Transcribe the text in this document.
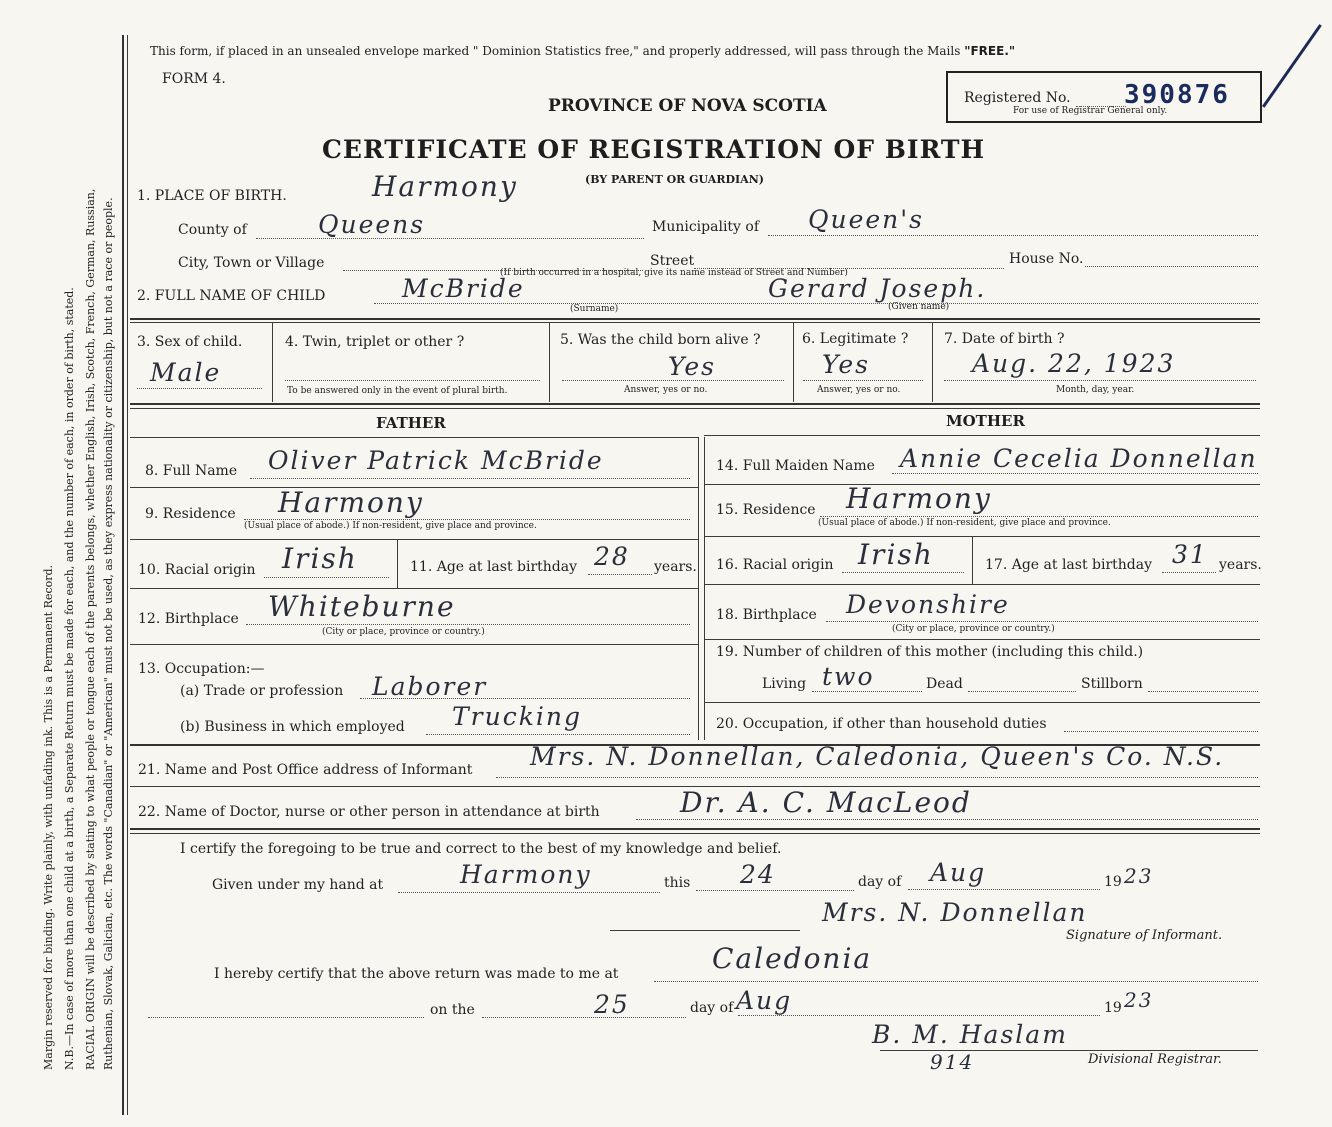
Margin reserved for binding. Write plainly, with unfading ink. This is a Permanent Record. N.B.—In case of more than one child at a birth, a Separate Return must be made for each, and the number of each, in order of birth, stated. RACIAL ORIGIN will be described by stating to what people or tongue each of the parents belongs, whether English, Irish, Scotch, French, German, Russian, Ruthenian, Slovak, Galician, etc. The words "Canadian" or "American" must not be used, as they express nationality or citizenship, but not a race or people.
This form, if placed in an unsealed envelope marked " Dominion Statistics free," and properly addressed, will pass through the Mails "FREE."
FORM 4.
PROVINCE OF NOVA SCOTIA
CERTIFICATE OF REGISTRATION OF BIRTH
(BY PARENT OR GUARDIAN)
Registered No. 390876
For use of Registrar General only.
1. PLACE OF BIRTH.	Harmony
County of	Queens	Municipality of Queen's
City, Town or Village	Street	House No.
(If birth occurred in a hospital, give its name instead of Street and Number)
2. FULL NAME OF CHILD	McBride
(Surname)
Gerard Joseph.
(Given name)
3. Sex of child.
Male
4. Twin, triplet or other ?
To be answered only in the event of plural birth.
5. Was the child born alive ?
Yes
Answer, yes or no.
6. Legitimate ?
Yes
Answer, yes or no.
7. Date of birth ?
Aug. 22, 1923
Month, day, year.
FATHER	MOTHER
8. Full Name Oliver Patrick McBride
9. Residence Harmony
(Usual place of abode.) If non-resident, give place and province.
10. Racial origin Irish	11. Age at last birthday 28 years.
12. Birthplace Whiteburne
(City or place, province or country.)
13. Occupation:—
(a) Trade or profession Laborer
(b) Business in which employed Trucking
14. Full Maiden Name Annie Cecelia Donnellan
15. Residence Harmony
(Usual place of abode.) If non-resident, give place and province.
16. Racial origin Irish	17. Age at last birthday 31 years.
18. Birthplace Devonshire
(City or place, province or country.)
19. Number of children of this mother (including this child.)
Living two	Dead	Stillborn
20. Occupation, if other than household duties
21. Name and Post Office address of Informant Mrs. N. Donnellan, Caledonia, Queen's Co. N.S.
22. Name of Doctor, nurse or other person in attendance at birth	Dr. A. C. MacLeod
I certify the foregoing to be true and correct to the best of my knowledge and belief.
Given under my hand at	Harmony	this 24	day of Aug	19 23
Mrs. N. Donnellan
Signature of Informant.
I hereby certify that the above return was made to me at	Caledonia
on the	25	day of Aug	19 23
B. M. Haslam
Divisional Registrar.
914
